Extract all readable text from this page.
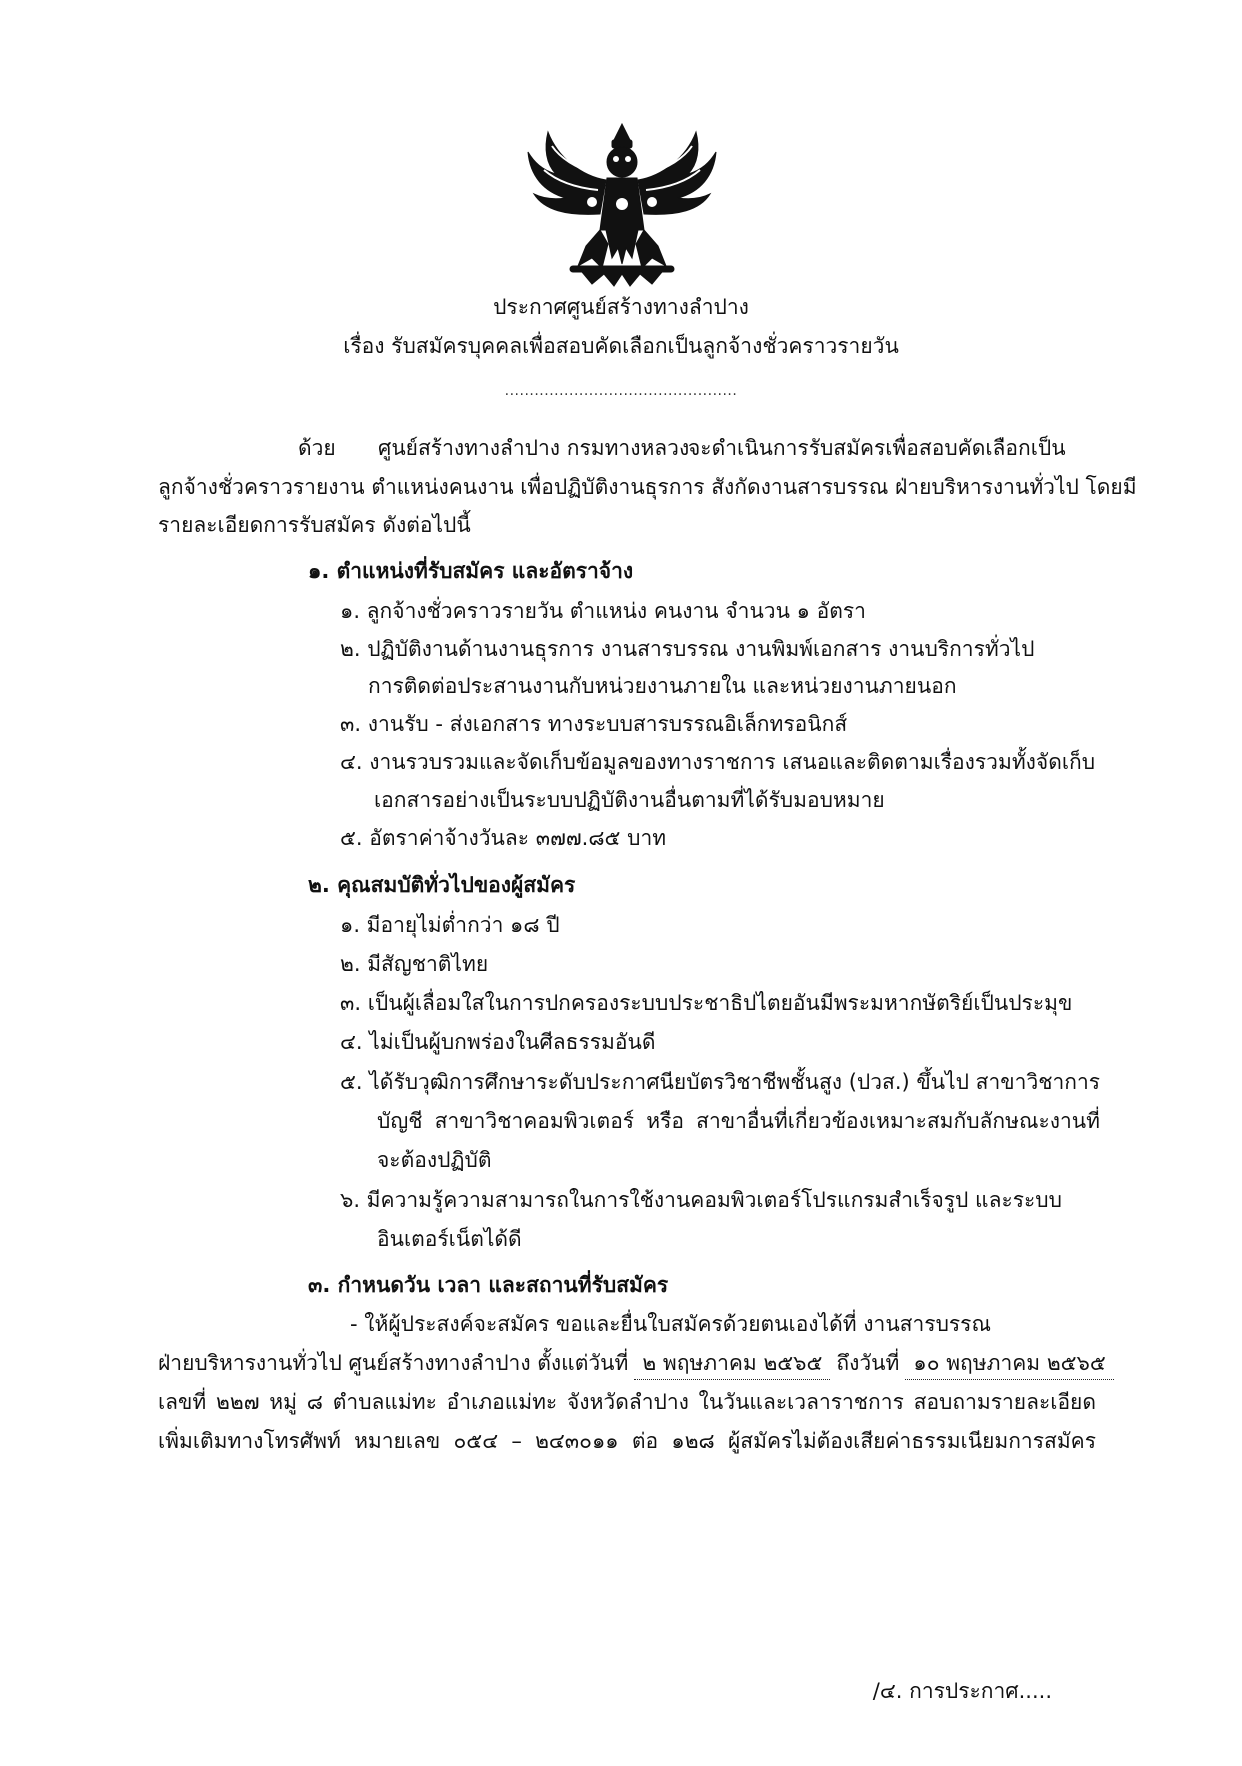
ประกาศศูนย์สร้างทางลำปาง
เรื่อง รับสมัครบุคคลเพื่อสอบคัดเลือกเป็นลูกจ้างชั่วคราวรายวัน
...............................................
ด้วย ศูนย์สร้างทางลำปาง กรมทางหลวง
จะดำเนินการรับสมัครเพื่อสอบคัดเลือกเป็น
ลูกจ้างชั่วคราวรายงาน ตำแหน่งคนงาน เพื่อปฏิบัติงานธุรการ สังกัดงานสารบรรณ ฝ่ายบริหารงานทั่วไป โดยมี
รายละเอียดการรับสมัคร ดังต่อไปนี้
๑. ตำแหน่งที่รับสมัคร และอัตราจ้าง
๑. ลูกจ้างชั่วคราวรายวัน ตำแหน่ง คนงาน จำนวน ๑ อัตรา
๒. ปฏิบัติงานด้านงานธุรการ งานสารบรรณ งานพิมพ์เอกสาร งานบริการทั่วไป
การติดต่อประสานงานกับหน่วยงานภายใน และหน่วยงานภายนอก
๓. งานรับ - ส่งเอกสาร ทางระบบสารบรรณอิเล็กทรอนิกส์
๔. งานรวบรวมและจัดเก็บข้อมูลของทางราชการ เสนอและติดตามเรื่องรวมทั้งจัดเก็บ
เอกสารอย่างเป็นระบบปฏิบัติงานอื่นตามที่ได้รับมอบหมาย
๕. อัตราค่าจ้างวันละ ๓๗๗.๘๕ บาท
๒. คุณสมบัติทั่วไปของผู้สมัคร
๑. มีอายุไม่ต่ำกว่า ๑๘ ปี
๒. มีสัญชาติไทย
๓. เป็นผู้เลื่อมใสในการปกครองระบบประชาธิปไตยอันมีพระมหากษัตริย์เป็นประมุข
๔. ไม่เป็นผู้บกพร่องในศีลธรรมอันดี
๕. ได้รับวุฒิการศึกษาระดับประกาศนียบัตรวิชาชีพชั้นสูง (ปวส.) ขึ้นไป สาขาวิชาการ
บัญชี สาขาวิชาคอมพิวเตอร์ หรือ สาขาอื่นที่เกี่ยวข้องเหมาะสมกับลักษณะงานที่
จะต้องปฏิบัติ
๖. มีความรู้ความสามารถในการใช้งานคอมพิวเตอร์โปรแกรมสำเร็จรูป และระบบ
อินเตอร์เน็ตได้ดี
๓. กำหนดวัน เวลา และสถานที่รับสมัคร
- ให้ผู้ประสงค์จะสมัคร ขอและยื่นใบสมัครด้วยตนเองได้ที่ งานสารบรรณ
ฝ่ายบริหารงานทั่วไป ศูนย์สร้างทางลำปาง ตั้งแต่วันที่ ๒ พฤษภาคม ๒๕๖๕ ถึงวันที่ ๑๐ พฤษภาคม ๒๕๖๕
เลขที่ ๒๒๗ หมู่ ๘ ตำบลแม่ทะ อำเภอแม่ทะ จังหวัดลำปาง ในวันและเวลาราชการ สอบถามรายละเอียด
เพิ่มเติมทางโทรศัพท์ หมายเลข ๐๕๔ – ๒๔๓๐๑๑ ต่อ ๑๒๘ ผู้สมัครไม่ต้องเสียค่าธรรมเนียมการสมัคร
/๔. การประกาศ.....
